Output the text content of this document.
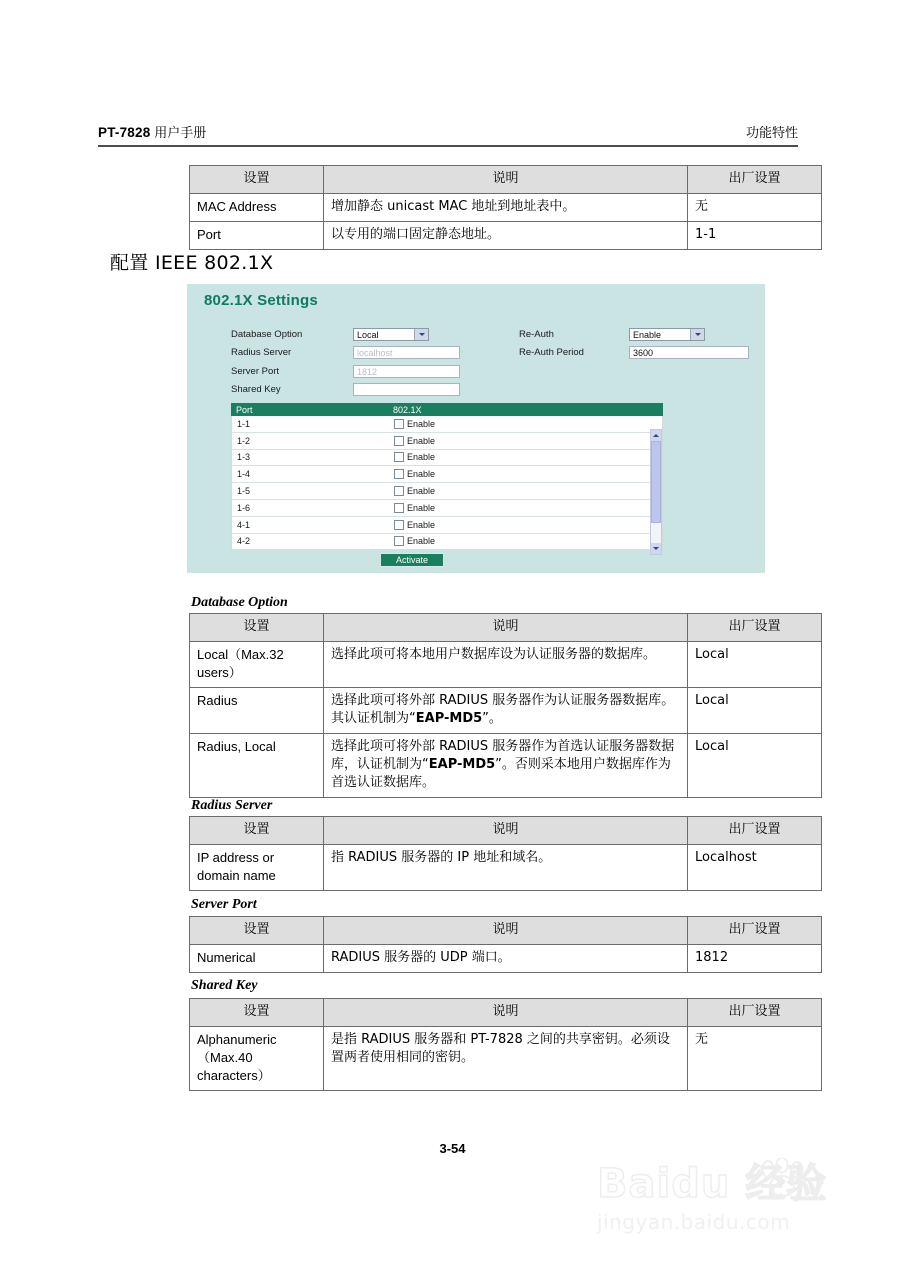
PT-7828 用户手册	功能特性
设置	说明	出厂设置
MAC Address	增加静态 unicast MAC 地址到地址表中。	无
Port	以专用的端口固定静态地址。	1-1
配置 IEEE 802.1X
802.1X Settings
Database Option	Local
Radius Server	localhost
Server Port	1812
Shared Key
Re-Auth	Enable
Re-Auth Period	3600
Port	802.1X
1-1	Enable
1-2	Enable
1-3	Enable
1-4	Enable
1-5	Enable
1-6	Enable
4-1	Enable
4-2	Enable
Activate
Database Option
设置	说明	出厂设置
Local（Max.32 users）	选择此项可将本地用户数据库设为认证服务器的数据库。	Local
Radius	选择此项可将外部 RADIUS 服务器作为认证服务器数据库。其认证机制为“EAP-MD5”。	Local
Radius, Local	选择此项可将外部 RADIUS 服务器作为首选认证服务器数据库，认证机制为“EAP-MD5”。否则采本地用户数据库作为首选认证数据库。	Local
Radius Server
设置	说明	出厂设置
IP address or domain name	指 RADIUS 服务器的 IP 地址和域名。	Localhost
Server Port
设置	说明	出厂设置
Numerical	RADIUS 服务器的 UDP 端口。	1812
Shared Key
设置	说明	出厂设置
Alphanumeric（Max.40 characters）	是指 RADIUS 服务器和 PT-7828 之间的共享密钥。必须设置两者使用相同的密钥。	无
3-54
Baidu 经验
jingyan.baidu.com
